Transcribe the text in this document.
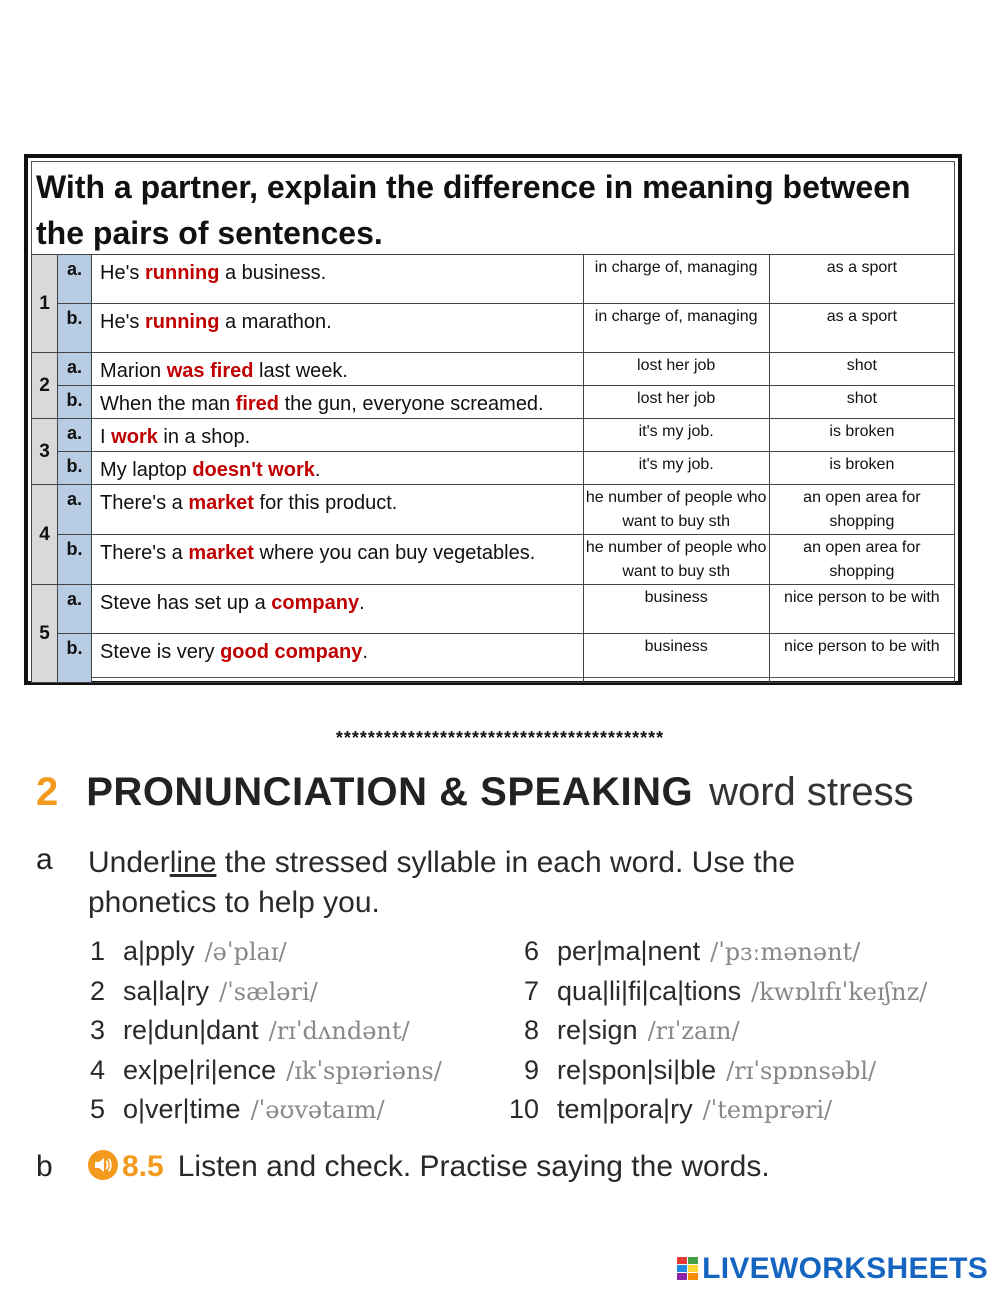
With a partner, explain the difference in meaning between the pairs of sentences.
1	a.	He's running a business.	in charge of, managing	as a sport
	b.	He's running a marathon.	in charge of, managing	as a sport
2	a.	Marion was fired last week.	lost her job	shot
	b.	When the man fired the gun, everyone screamed.	lost her job	shot
3	a.	I work in a shop.	it's my job.	is broken
	b.	My laptop doesn't work.	it's my job.	is broken
4	a.	There's a market for this product.	he number of people who want to buy sth	an open area for shopping
	b.	There's a market where you can buy vegetables.	he number of people who want to buy sth	an open area for shopping
5	a.	Steve has set up a company.	business	nice person to be with
	b.	Steve is very good company.	business	nice person to be with
*****************************************
2 PRONUNCIATION & SPEAKING word stress
a Underline the stressed syllable in each word. Use the phonetics to help you.
1 a|pply /əˈplaɪ/
2 sa|la|ry /ˈsæləri/
3 re|dun|dant /rɪˈdʌndənt/
4 ex|pe|ri|ence /ɪkˈspɪəriəns/
5 o|ver|time /ˈəʊvətaɪm/
6 per|ma|nent /ˈpɜːmənənt/
7 qua|li|fi|ca|tions /kwɒlɪfɪˈkeɪʃnz/
8 re|sign /rɪˈzaɪn/
9 re|spon|si|ble /rɪˈspɒnsəbl/
10 tem|pora|ry /ˈtemprəri/
b	8.5 Listen and check. Practise saying the words.
LIVEWORKSHEETS
